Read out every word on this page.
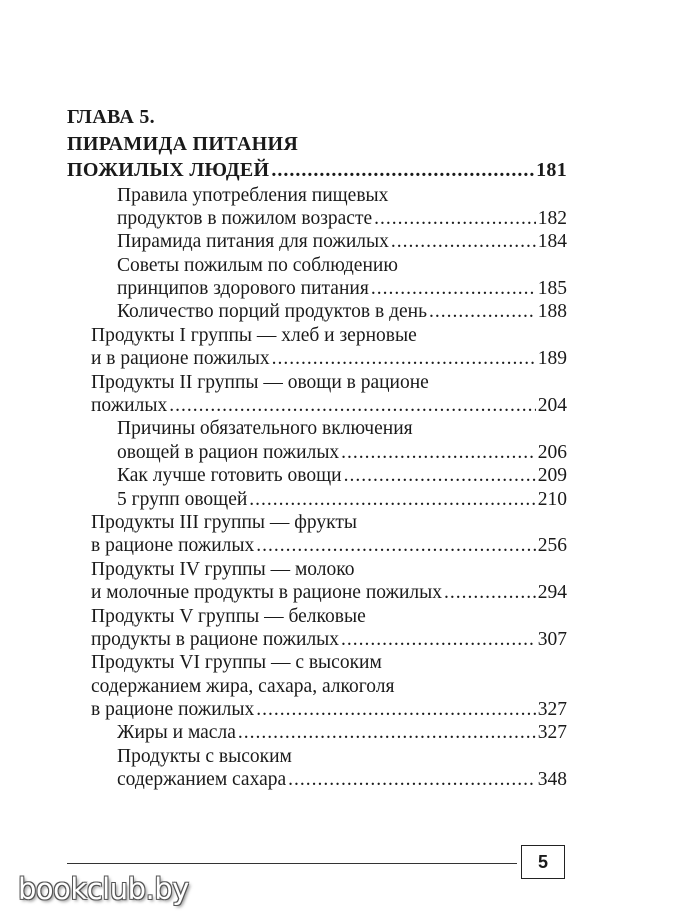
ГЛАВА 5.
ПИРАМИДА ПИТАНИЯ
ПОЖИЛЫХ ЛЮДЕЙ .....	181
Правила употребления пищевых
продуктов в пожилом возрасте .....	182
Пирамида питания для пожилых .....	184
Советы пожилым по соблюдению
принципов здорового питания .....	185
Количество порций продуктов в день .....	188
Продукты I группы — хлеб и зерновые
и в рационе пожилых .....	189
Продукты II группы — овощи в рационе
пожилых .....	204
Причины обязательного включения
овощей в рацион пожилых .....	206
Как лучше готовить овощи .....	209
5 групп овощей .....	210
Продукты III группы — фрукты
в рационе пожилых .....	256
Продукты IV группы — молоко
и молочные продукты в рационе пожилых .....	294
Продукты V группы — белковые
продукты в рационе пожилых .....	307
Продукты VI группы — с высоким
содержанием жира, сахара, алкоголя
в рационе пожилых .....	327
Жиры и масла .....	327
Продукты с высоким
содержанием сахара .....	348
5
bookclub.by
